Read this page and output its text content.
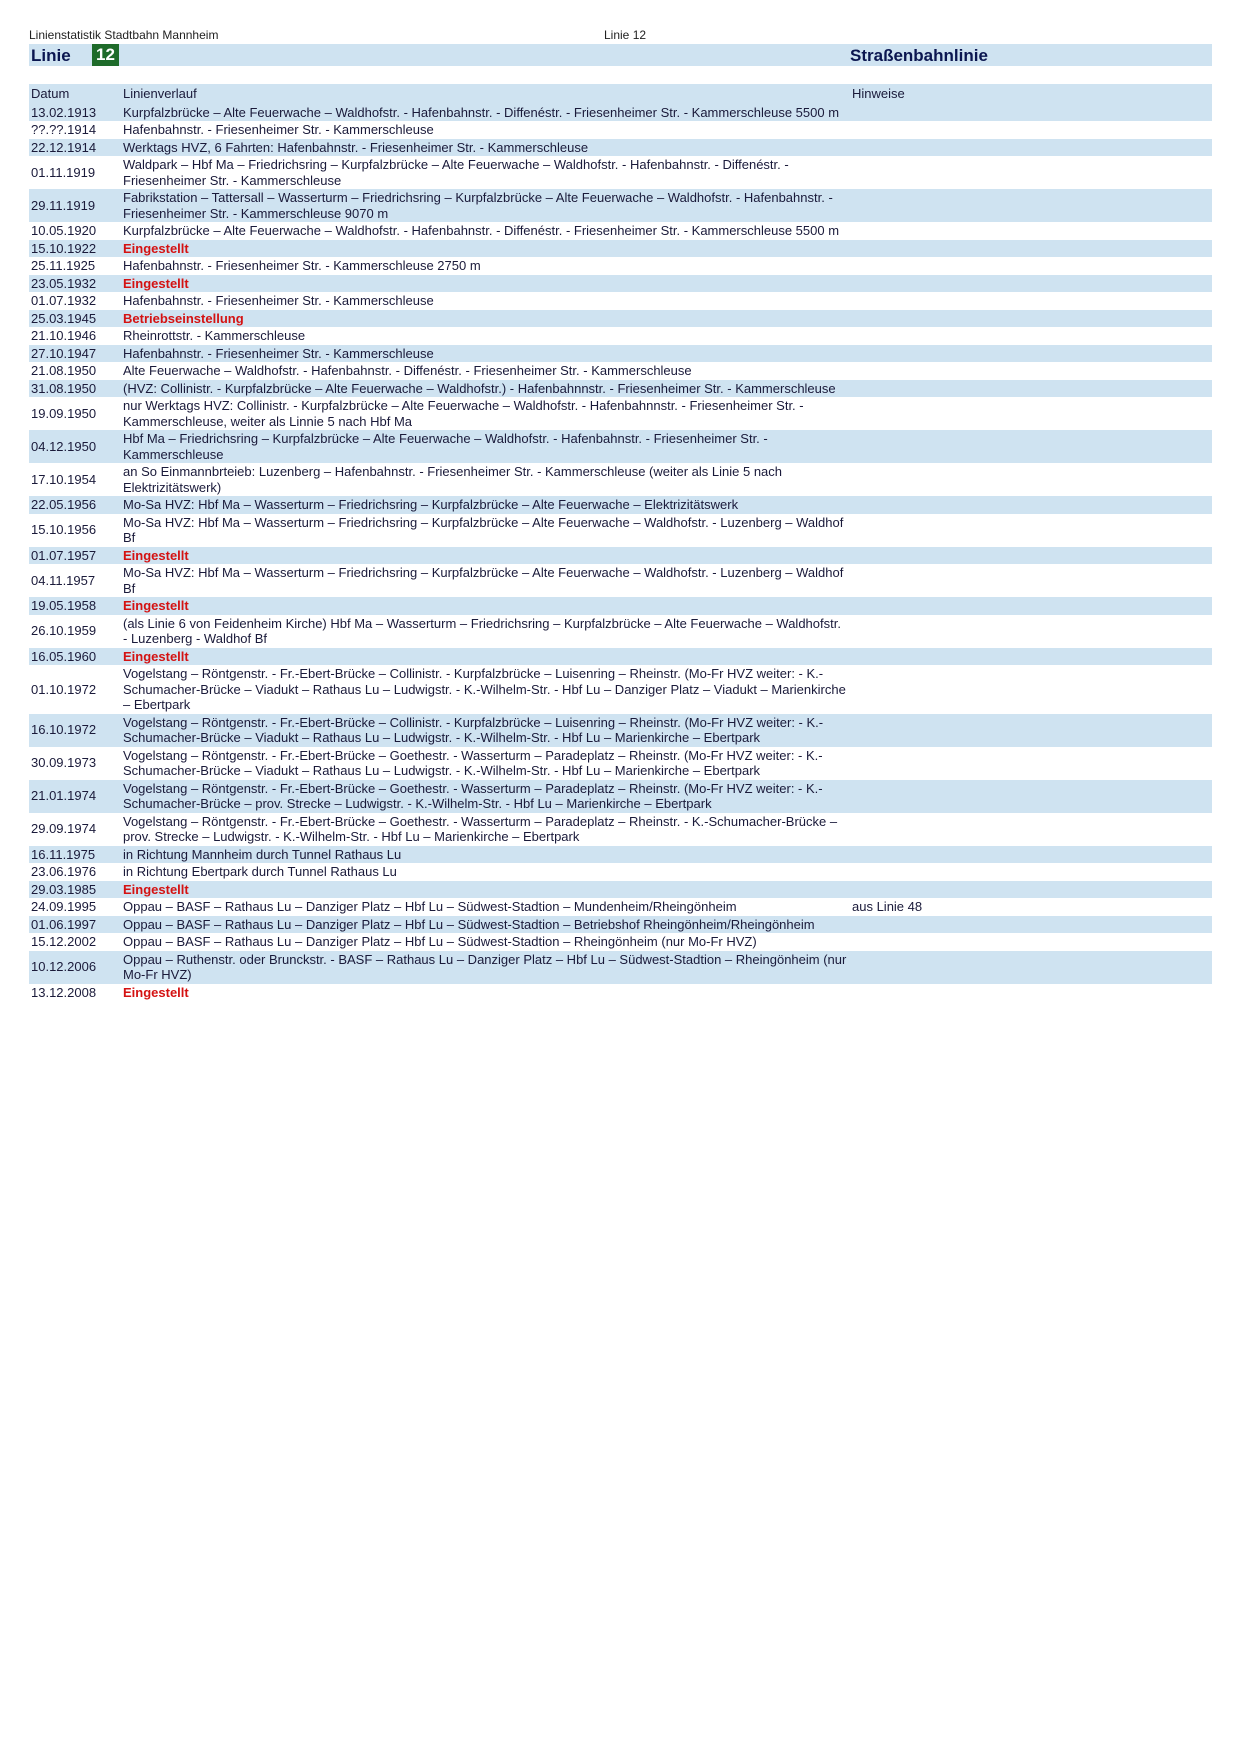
Linienstatistik Stadtbahn Mannheim	Linie 12
Linie 12	Straßenbahnlinie
Datum	Linienverlauf	Hinweise
13.02.1913	Kurpfalzbrücke – Alte Feuerwache – Waldhofstr. - Hafenbahnstr. - Diffenéstr. - Friesenheimer Str. - Kammerschleuse 5500 m	
??.??.1914	Hafenbahnstr. - Friesenheimer Str. - Kammerschleuse	
22.12.1914	Werktags HVZ, 6 Fahrten: Hafenbahnstr. - Friesenheimer Str. - Kammerschleuse	
01.11.1919	Waldpark – Hbf Ma – Friedrichsring – Kurpfalzbrücke – Alte Feuerwache – Waldhofstr. - Hafenbahnstr. - Diffenéstr. - Friesenheimer Str. - Kammerschleuse	
29.11.1919	Fabrikstation – Tattersall – Wasserturm – Friedrichsring – Kurpfalzbrücke – Alte Feuerwache – Waldhofstr. - Hafenbahnstr. - Friesenheimer Str. - Kammerschleuse 9070 m	
10.05.1920	Kurpfalzbrücke – Alte Feuerwache – Waldhofstr. - Hafenbahnstr. - Diffenéstr. - Friesenheimer Str. - Kammerschleuse 5500 m	
15.10.1922	Eingestellt	
25.11.1925	Hafenbahnstr. - Friesenheimer Str. - Kammerschleuse 2750 m	
23.05.1932	Eingestellt	
01.07.1932	Hafenbahnstr. - Friesenheimer Str. - Kammerschleuse	
25.03.1945	Betriebseinstellung	
21.10.1946	Rheinrottstr. - Kammerschleuse	
27.10.1947	Hafenbahnstr. - Friesenheimer Str. - Kammerschleuse	
21.08.1950	Alte Feuerwache – Waldhofstr. - Hafenbahnstr. - Diffenéstr. - Friesenheimer Str. - Kammerschleuse	
31.08.1950	(HVZ: Collinistr. - Kurpfalzbrücke – Alte Feuerwache – Waldhofstr.) - Hafenbahnnstr. - Friesenheimer Str. - Kammerschleuse	
19.09.1950	nur Werktags HVZ: Collinistr. - Kurpfalzbrücke – Alte Feuerwache – Waldhofstr. - Hafenbahnnstr. - Friesenheimer Str. - Kammerschleuse, weiter als Linnie 5 nach Hbf Ma	
04.12.1950	Hbf Ma – Friedrichsring – Kurpfalzbrücke – Alte Feuerwache – Waldhofstr. - Hafenbahnstr. - Friesenheimer Str. - Kammerschleuse	
17.10.1954	an So Einmannbrteieb: Luzenberg – Hafenbahnstr. - Friesenheimer Str. - Kammerschleuse (weiter als Linie 5 nach Elektrizitätswerk)	
22.05.1956	Mo-Sa HVZ: Hbf Ma – Wasserturm – Friedrichsring – Kurpfalzbrücke – Alte Feuerwache – Elektrizitätswerk	
15.10.1956	Mo-Sa HVZ: Hbf Ma – Wasserturm – Friedrichsring – Kurpfalzbrücke – Alte Feuerwache – Waldhofstr. - Luzenberg – Waldhof Bf	
01.07.1957	Eingestellt	
04.11.1957	Mo-Sa HVZ: Hbf Ma – Wasserturm – Friedrichsring – Kurpfalzbrücke – Alte Feuerwache – Waldhofstr. - Luzenberg – Waldhof Bf	
19.05.1958	Eingestellt	
26.10.1959	(als Linie 6 von Feidenheim Kirche) Hbf Ma – Wasserturm – Friedrichsring – Kurpfalzbrücke – Alte Feuerwache – Waldhofstr. - Luzenberg - Waldhof Bf	
16.05.1960	Eingestellt	
01.10.1972	Vogelstang – Röntgenstr. - Fr.-Ebert-Brücke – Collinistr. - Kurpfalzbrücke – Luisenring – Rheinstr. (Mo-Fr HVZ weiter: - K.-Schumacher-Brücke – Viadukt – Rathaus Lu – Ludwigstr. - K.-Wilhelm-Str. - Hbf Lu – Danziger Platz – Viadukt – Marienkirche – Ebertpark	
16.10.1972	Vogelstang – Röntgenstr. - Fr.-Ebert-Brücke – Collinistr. - Kurpfalzbrücke – Luisenring – Rheinstr. (Mo-Fr HVZ weiter: - K.-Schumacher-Brücke – Viadukt – Rathaus Lu – Ludwigstr. - K.-Wilhelm-Str. - Hbf Lu – Marienkirche – Ebertpark	
30.09.1973	Vogelstang – Röntgenstr. - Fr.-Ebert-Brücke – Goethestr. - Wasserturm – Paradeplatz – Rheinstr. (Mo-Fr HVZ weiter: - K.-Schumacher-Brücke – Viadukt – Rathaus Lu – Ludwigstr. - K.-Wilhelm-Str. - Hbf Lu – Marienkirche – Ebertpark	
21.01.1974	Vogelstang – Röntgenstr. - Fr.-Ebert-Brücke – Goethestr. - Wasserturm – Paradeplatz – Rheinstr. (Mo-Fr HVZ weiter: - K.-Schumacher-Brücke – prov. Strecke – Ludwigstr. - K.-Wilhelm-Str. - Hbf Lu – Marienkirche – Ebertpark	
29.09.1974	Vogelstang – Röntgenstr. - Fr.-Ebert-Brücke – Goethestr. - Wasserturm – Paradeplatz – Rheinstr. - K.-Schumacher-Brücke – prov. Strecke – Ludwigstr. - K.-Wilhelm-Str. - Hbf Lu – Marienkirche – Ebertpark	
16.11.1975	in Richtung Mannheim durch Tunnel Rathaus Lu	
23.06.1976	in Richtung Ebertpark durch Tunnel Rathaus Lu	
29.03.1985	Eingestellt	
24.09.1995	Oppau – BASF – Rathaus Lu – Danziger Platz – Hbf Lu – Südwest-Stadtion – Mundenheim/Rheingönheim	aus Linie 48
01.06.1997	Oppau – BASF – Rathaus Lu – Danziger Platz – Hbf Lu – Südwest-Stadtion – Betriebshof Rheingönheim/Rheingönheim	
15.12.2002	Oppau – BASF – Rathaus Lu – Danziger Platz – Hbf Lu – Südwest-Stadtion – Rheingönheim (nur Mo-Fr HVZ)	
10.12.2006	Oppau – Ruthenstr. oder Brunckstr. - BASF – Rathaus Lu – Danziger Platz – Hbf Lu – Südwest-Stadtion – Rheingönheim (nur Mo-Fr HVZ)	
13.12.2008	Eingestellt	
